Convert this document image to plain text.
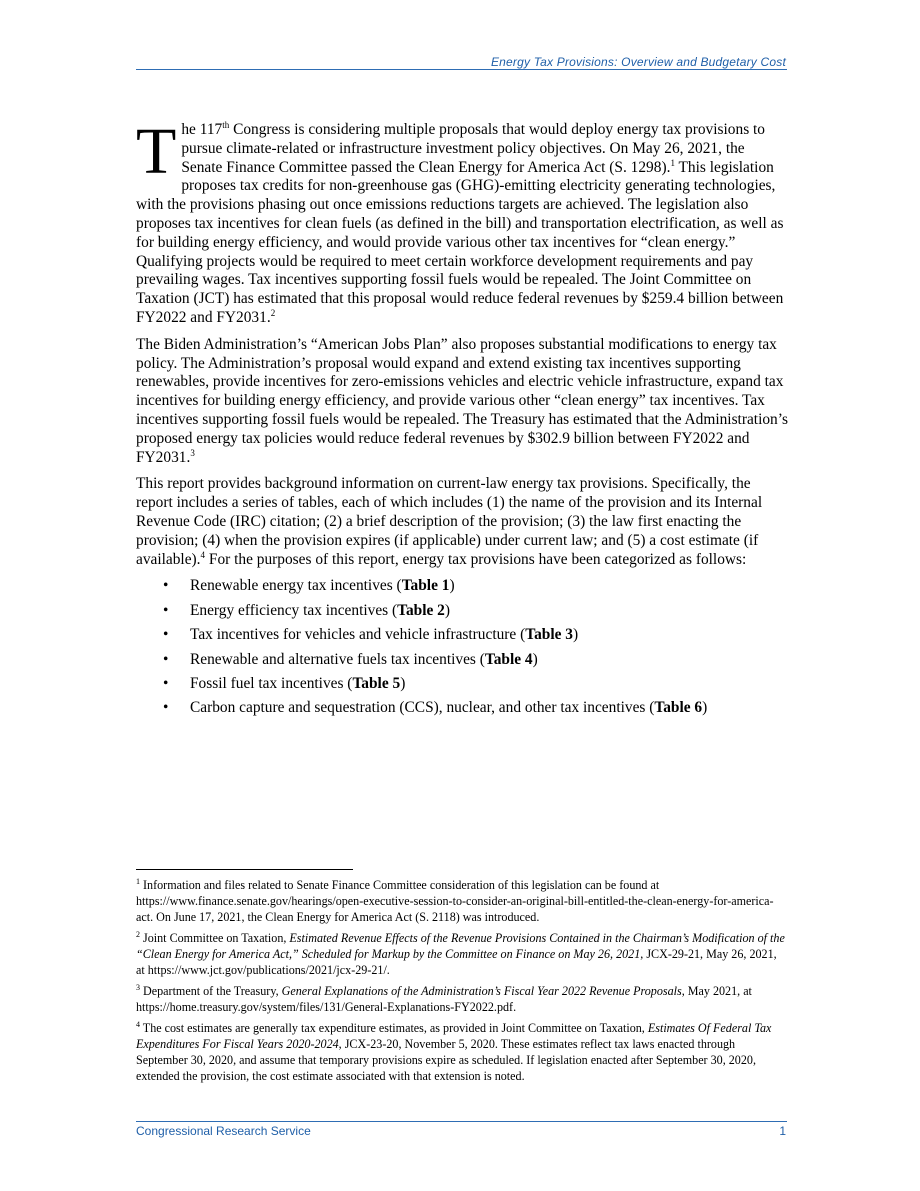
Energy Tax Provisions: Overview and Budgetary Cost

The 117th Congress is considering multiple proposals that would deploy energy tax provisions to pursue climate-related or infrastructure investment policy objectives. On May 26, 2021, the Senate Finance Committee passed the Clean Energy for America Act (S. 1298).$^1$ This legislation proposes tax credits for non-greenhouse gas (GHG)-emitting electricity generating technologies, with the provisions phasing out once emissions reductions targets are achieved. The legislation also proposes tax incentives for clean fuels (as defined in the bill) and transportation electrification, as well as for building energy efficiency, and would provide various other tax incentives for “clean energy.” Qualifying projects would be required to meet certain workforce development requirements and pay prevailing wages. Tax incentives supporting fossil fuels would be repealed. The Joint Committee on Taxation (JCT) has estimated that this proposal would reduce federal revenues by $259.4 billion between FY2022 and FY2031.$^2$

The Biden Administration’s “American Jobs Plan” also proposes substantial modifications to energy tax policy. The Administration’s proposal would expand and extend existing tax incentives supporting renewables, provide incentives for zero-emissions vehicles and electric vehicle infrastructure, expand tax incentives for building energy efficiency, and provide various other “clean energy” tax incentives. Tax incentives supporting fossil fuels would be repealed. The Treasury has estimated that the Administration’s proposed energy tax policies would reduce federal revenues by $302.9 billion between FY2022 and FY2031.$^3$

This report provides background information on current-law energy tax provisions. Specifically, the report includes a series of tables, each of which includes (1) the name of the provision and its Internal Revenue Code (IRC) citation; (2) a brief description of the provision; (3) the law first enacting the provision; (4) when the provision expires (if applicable) under current law; and (5) a cost estimate (if available).$^4$ For the purposes of this report, energy tax provisions have been categorized as follows:

• Renewable energy tax incentives (Table 1)
• Energy efficiency tax incentives (Table 2)
• Tax incentives for vehicles and vehicle infrastructure (Table 3)
• Renewable and alternative fuels tax incentives (Table 4)
• Fossil fuel tax incentives (Table 5)
• Carbon capture and sequestration (CCS), nuclear, and other tax incentives (Table 6)

$^1$ Information and files related to Senate Finance Committee consideration of this legislation can be found at https://www.finance.senate.gov/hearings/open-executive-session-to-consider-an-original-bill-entitled-the-clean-energy-for-america-act. On June 17, 2021, the Clean Energy for America Act (S. 2118) was introduced.

$^2$ Joint Committee on Taxation, Estimated Revenue Effects of the Revenue Provisions Contained in the Chairman’s Modification of the “Clean Energy for America Act,” Scheduled for Markup by the Committee on Finance on May 26, 2021, JCX-29-21, May 26, 2021, at https://www.jct.gov/publications/2021/jcx-29-21/.

$^3$ Department of the Treasury, General Explanations of the Administration’s Fiscal Year 2022 Revenue Proposals, May 2021, at https://home.treasury.gov/system/files/131/General-Explanations-FY2022.pdf.

$^4$ The cost estimates are generally tax expenditure estimates, as provided in Joint Committee on Taxation, Estimates Of Federal Tax Expenditures For Fiscal Years 2020-2024, JCX-23-20, November 5, 2020. These estimates reflect tax laws enacted through September 30, 2020, and assume that temporary provisions expire as scheduled. If legislation enacted after September 30, 2020, extended the provision, the cost estimate associated with that extension is noted.

Congressional Research Service	1
